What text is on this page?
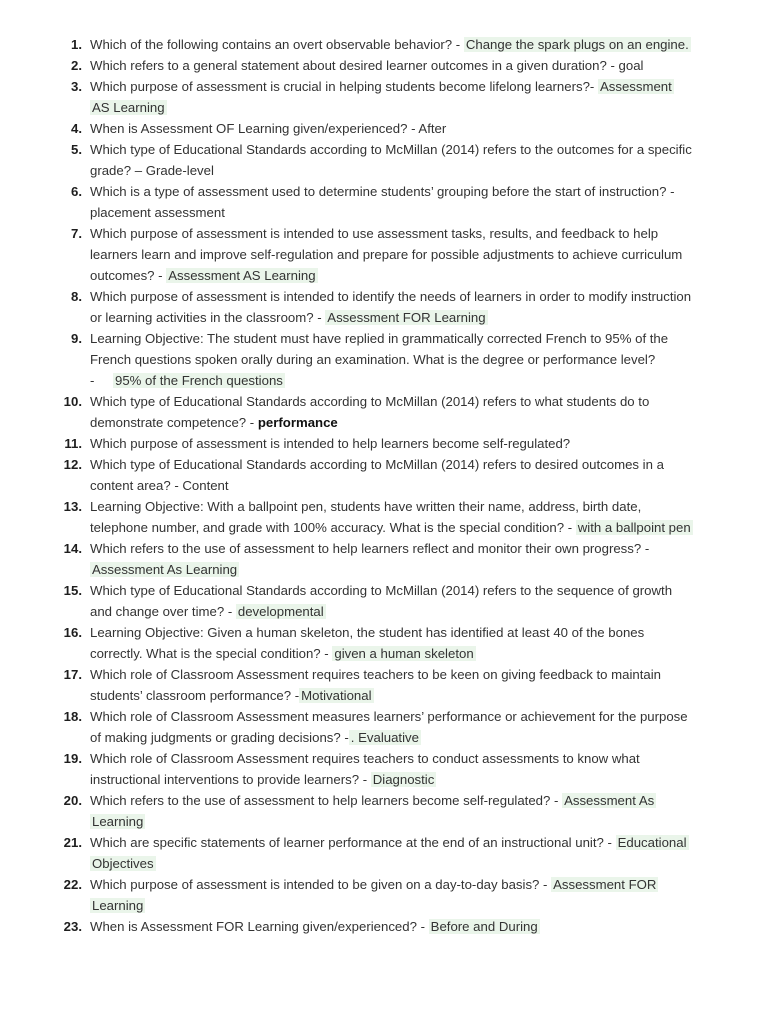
1. Which of the following contains an overt observable behavior? - Change the spark plugs on an engine.
2. Which refers to a general statement about desired learner outcomes in a given duration? - goal
3. Which purpose of assessment is crucial in helping students become lifelong learners?- Assessment
AS Learning
4. When is Assessment OF Learning given/experienced? - After
5. Which type of Educational Standards according to McMillan (2014) refers to the outcomes for a specific
grade? – Grade-level
6. Which is a type of assessment used to determine students’ grouping before the start of instruction? -
placement assessment
7. Which purpose of assessment is intended to use assessment tasks, results, and feedback to help
learners learn and improve self-regulation and prepare for possible adjustments to achieve curriculum
outcomes? - Assessment AS Learning
8. Which purpose of assessment is intended to identify the needs of learners in order to modify instruction
or learning activities in the classroom? - Assessment FOR Learning
9. Learning Objective: The student must have replied in grammatically corrected French to 95% of the
French questions spoken orally during an examination. What is the degree or performance level?
- 95% of the French questions
10. Which type of Educational Standards according to McMillan (2014) refers to what students do to
demonstrate competence? - performance
11. Which purpose of assessment is intended to help learners become self-regulated?
12. Which type of Educational Standards according to McMillan (2014) refers to desired outcomes in a
content area? - Content
13. Learning Objective: With a ballpoint pen, students have written their name, address, birth date,
telephone number, and grade with 100% accuracy. What is the special condition? - with a ballpoint pen
14. Which refers to the use of assessment to help learners reflect and monitor their own progress? -
Assessment As Learning
15. Which type of Educational Standards according to McMillan (2014) refers to the sequence of growth
and change over time? - developmental
16. Learning Objective: Given a human skeleton, the student has identified at least 40 of the bones
correctly. What is the special condition? - given a human skeleton
17. Which role of Classroom Assessment requires teachers to be keen on giving feedback to maintain
students’ classroom performance? - Motivational
18. Which role of Classroom Assessment measures learners’ performance or achievement for the purpose
of making judgments or grading decisions? - . Evaluative
19. Which role of Classroom Assessment requires teachers to conduct assessments to know what
instructional interventions to provide learners? - Diagnostic
20. Which refers to the use of assessment to help learners become self-regulated? - Assessment As
Learning
21. Which are specific statements of learner performance at the end of an instructional unit? - Educational
Objectives
22. Which purpose of assessment is intended to be given on a day-to-day basis? - Assessment FOR
Learning
23. When is Assessment FOR Learning given/experienced? - Before and During
